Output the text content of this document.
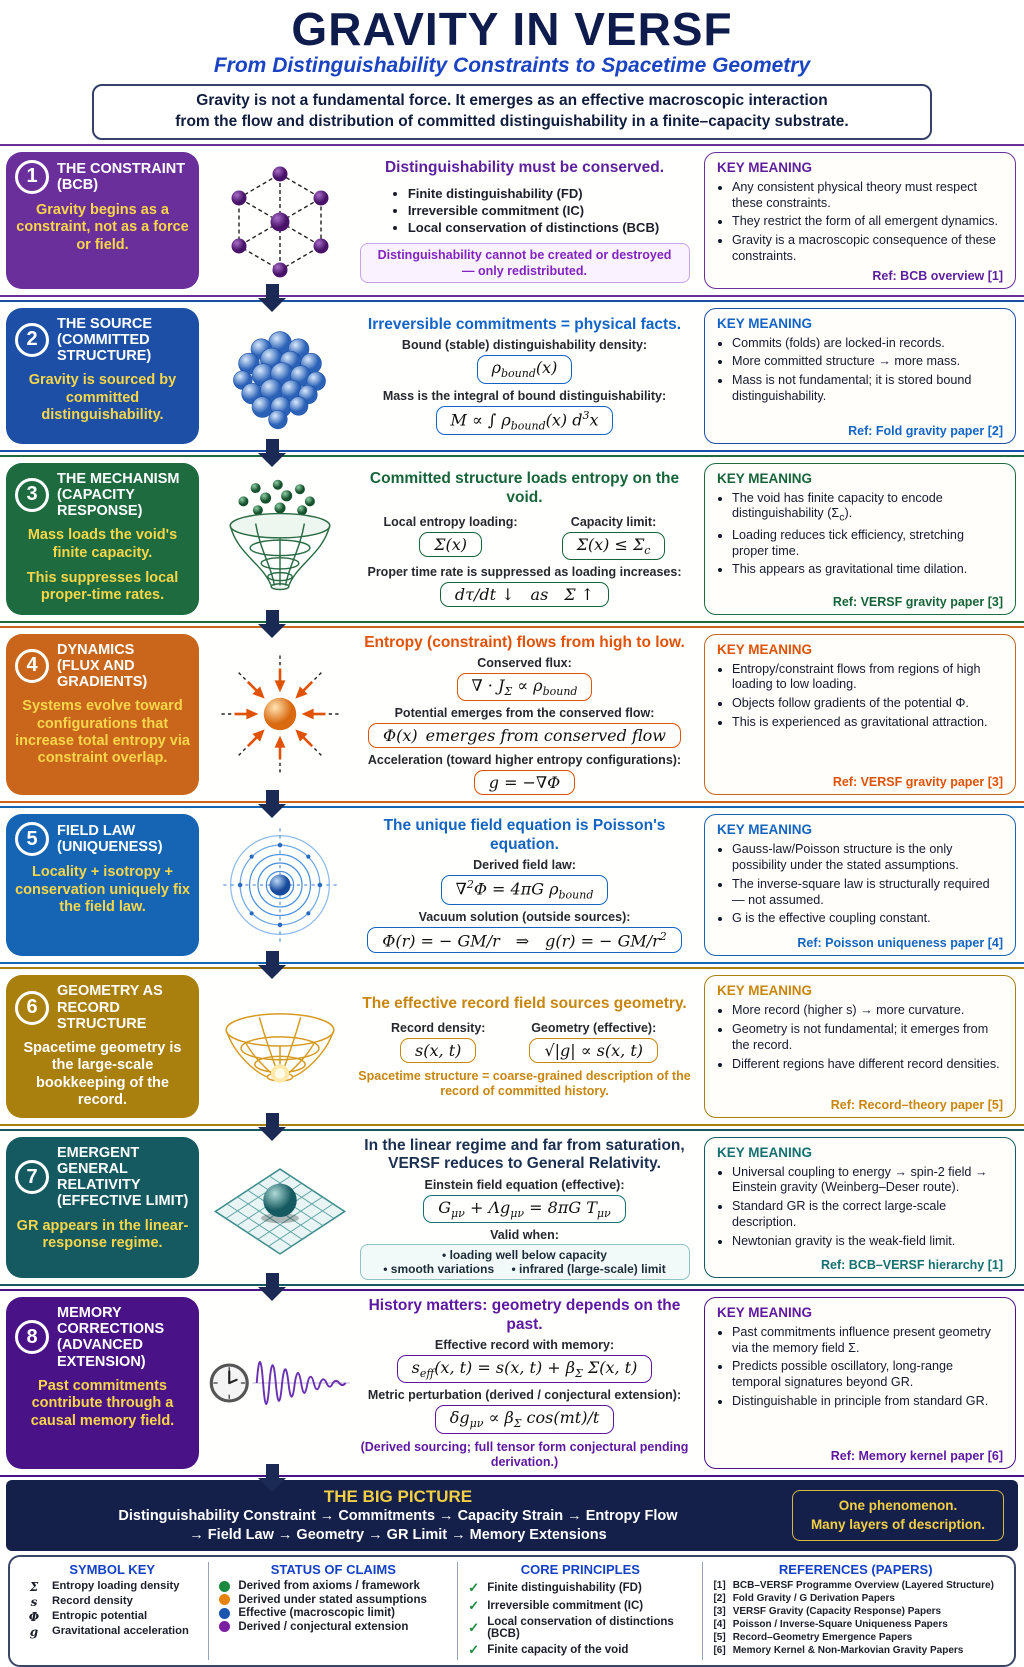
GRAVITY IN VERSF
From Distinguishability Constraints to Spacetime Geometry
Gravity is not a fundamental force. It emerges as an effective macroscopic interaction
from the flow and distribution of committed distinguishability in a finite–capacity substrate.
1	THE CONSTRAINT
(BCB)
Gravity begins as a constraint, not as a force or field.
Distinguishability must be conserved.
• Finite distinguishability (FD)
• Irreversible commitment (IC)
• Local conservation of distinctions (BCB)
Distinguishability cannot be created or destroyed— only redistributed.
KEY MEANING
• Any consistent physical theory must respect these constraints.
• They restrict the form of all emergent dynamics.
• Gravity is a macroscopic consequence of these constraints.
Ref: BCB overview [1]
2
THE SOURCE
(COMMITTED STRUCTURE)
Gravity is sourced by committed distinguishability.
Irreversible commitments = physical facts.
Bound (stable) distinguishability density:
$\rho_{bound}(x)$
Mass is the integral of bound distinguishability:
M ∝ ∫ $\rho_{bound}(x)$ $d^3x$
KEY MEANING
• Commits (folds) are locked-in records.
• More committed structure → more mass.
• Mass is not fundamental; it is stored bound distinguishability.
Ref: Fold gravity paper [2]
3
THE MECHANISM
(CAPACITY RESPONSE)
Mass loads the void's finite capacity.
This suppresses local proper-time rates.
Committed structure loads entropy on the void.
Local entropy loading:
Σ(x)
Capacity limit:
$\Sigma(x) \le \Sigma_c$
Proper time rate is suppressed as loading increases:
dτ/dt ↓  as  Σ ↑
KEY MEANING
• The void has finite capacity to encode distinguishability $(\Sigma_c)$.
• Loading reduces tick efficiency, stretching proper time.
• This appears as gravitational time dilation.
Ref: VERSF gravity paper [3]
4
DYNAMICS
(FLUX AND GRADIENTS)
Systems evolve toward configurations that increase total entropy via constraint overlap.
Entropy (constraint) flows from high to low.
Conserved flux:
∇ · $J_\Sigma \propto \rho_{bound}$
Potential emerges from the conserved flow:
Φ(x) emerges from conserved flow
Acceleration (toward higher entropy configurations):
g = −∇Φ
KEY MEANING
• Entropy/constraint flows from regions of high loading to low loading.
• Objects follow gradients of the potential Φ.
• This is experienced as gravitational attraction.
Ref: VERSF gravity paper [3]
5	FIELD LAW
(UNIQUENESS)
Locality + isotropy + conservation uniquely fix the field law.
The unique field equation is Poisson's equation.
Derived field law:
∇$^2$Φ = 4πG $\rho_{bound}$
Vacuum solution (outside sources):
Φ(r) = − GM/r  ⇒  g(r) = − $GM/r^2$
KEY MEANING
• Gauss-law/Poisson structure is the only possibility under the stated assumptions.
• The inverse-square law is structurally required — not assumed.
• G is the effective coupling constant.
Ref: Poisson uniqueness paper [4]
6
GEOMETRY AS RECORD STRUCTURE
Spacetime geometry is the large-scale bookkeeping of the record.
The effective record field sources geometry.
Record density:
s(x, t)
Geometry (effective):
√|g| ∝ s(x, t)
Spacetime structure = coarse-grained description of the record of committed history.
KEY MEANING
• More record (higher s) → more curvature.
• Geometry is not fundamental; it emerges from the record.
• Different regions have different record densities.
Ref: Record–theory paper [5]
7
EMERGENT GENERAL RELATIVITY
(EFFECTIVE LIMIT)
GR appears in the linear-response regime.
In the linear regime and far from saturation, VERSF reduces to General Relativity.
Einstein field equation (effective):
$G_{\mu\nu} + \Lambda g_{\mu\nu} = 8\pi G$ $T_{\mu\nu}$
Valid when:
• loading well below capacity • smooth variations • infrared (large-scale) limit
KEY MEANING
• Universal coupling to energy → spin-2 field → Einstein gravity (Weinberg–Deser route).
• Standard GR is the correct large-scale description.
• Newtonian gravity is the weak-field limit.
Ref: BCB–VERSF hierarchy [1]
8
MEMORY CORRECTIONS
(ADVANCED EXTENSION)
Past commitments contribute through a causal memory field.
History matters: geometry depends on the past.
Effective record with memory:
$s_{eff}(x$, t) = s(x, $t) + \beta_\Sigma$ Σ(x, t)
Metric perturbation (derived / conjectural extension):
$\delta g_{\mu\nu} \propto \beta_\Sigma$ cos(mt)/t
(Derived sourcing; full tensor form conjectural pending derivation.)
KEY MEANING
• Past commitments influence present geometry via the memory field Σ.
• Predicts possible oscillatory, long-range temporal signatures beyond GR.
• Distinguishable in principle from standard GR.
Ref: Memory kernel paper [6]
THE BIG PICTURE
Distinguishability Constraint → Commitments → Capacity Strain → Entropy Flow
→ Field Law → Geometry → GR Limit → Memory Extensions
One phenomenon.
Many layers of description.
SYMBOL KEY
Σ	Entropy loading density
s	Record density
Φ Entropic potential
g	Gravitational acceleration
STATUS OF CLAIMS
Derived from axioms / framework
Derived under stated assumptions
Effective (macroscopic limit)
Derived / conjectural extension
CORE PRINCIPLES
✓ Finite distinguishability (FD)
✓ Irreversible commitment (IC)
✓ Local conservation of distinctions (BCB)
✓ Finite capacity of the void
REFERENCES (PAPERS)
[1] BCB–VERSF Programme Overview (Layered Structure)
[2] Fold Gravity / G Derivation Papers
[3] VERSF Gravity (Capacity Response) Papers
[4] Poisson / Inverse-Square Uniqueness Papers
[5] Record–Geometry Emergence Papers
[6] Memory Kernel & Non-Markovian Gravity Papers
